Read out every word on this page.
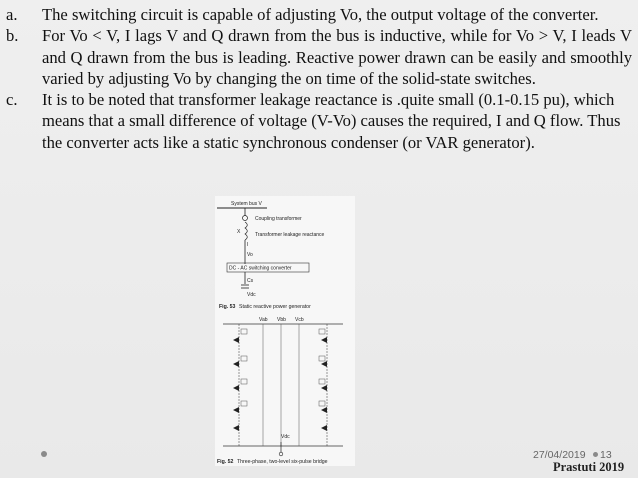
a.	The switching circuit is capable of adjusting Vo, the output voltage of the converter.
b.	For Vo < V, I lags V and Q drawn from the bus is inductive, while for Vo > V, I leads V and Q drawn from the bus is leading. Reactive power drawn can be easily and smoothly varied by adjusting Vo by changing the on time of the solid-state switches.
c.	It is to be noted that transformer leakage reactance is .quite small (0.1-0.15 pu), which means that a small difference of voltage (V-Vo) causes the required, I and Q flow. Thus the converter acts like a static synchronous condenser (or VAR generator).
System bus V
Coupling transformer
X	Transformer leakage reactance
I
Vo
DC - AC switching converter
Cs
Vdc
Fig. 53 Static reactive power generator
Vab Vbb Vcb
Vdc
Fig. 52 Three-phase, two-level six-pulse bridge
27/04/2019 13
Prastuti 2019
